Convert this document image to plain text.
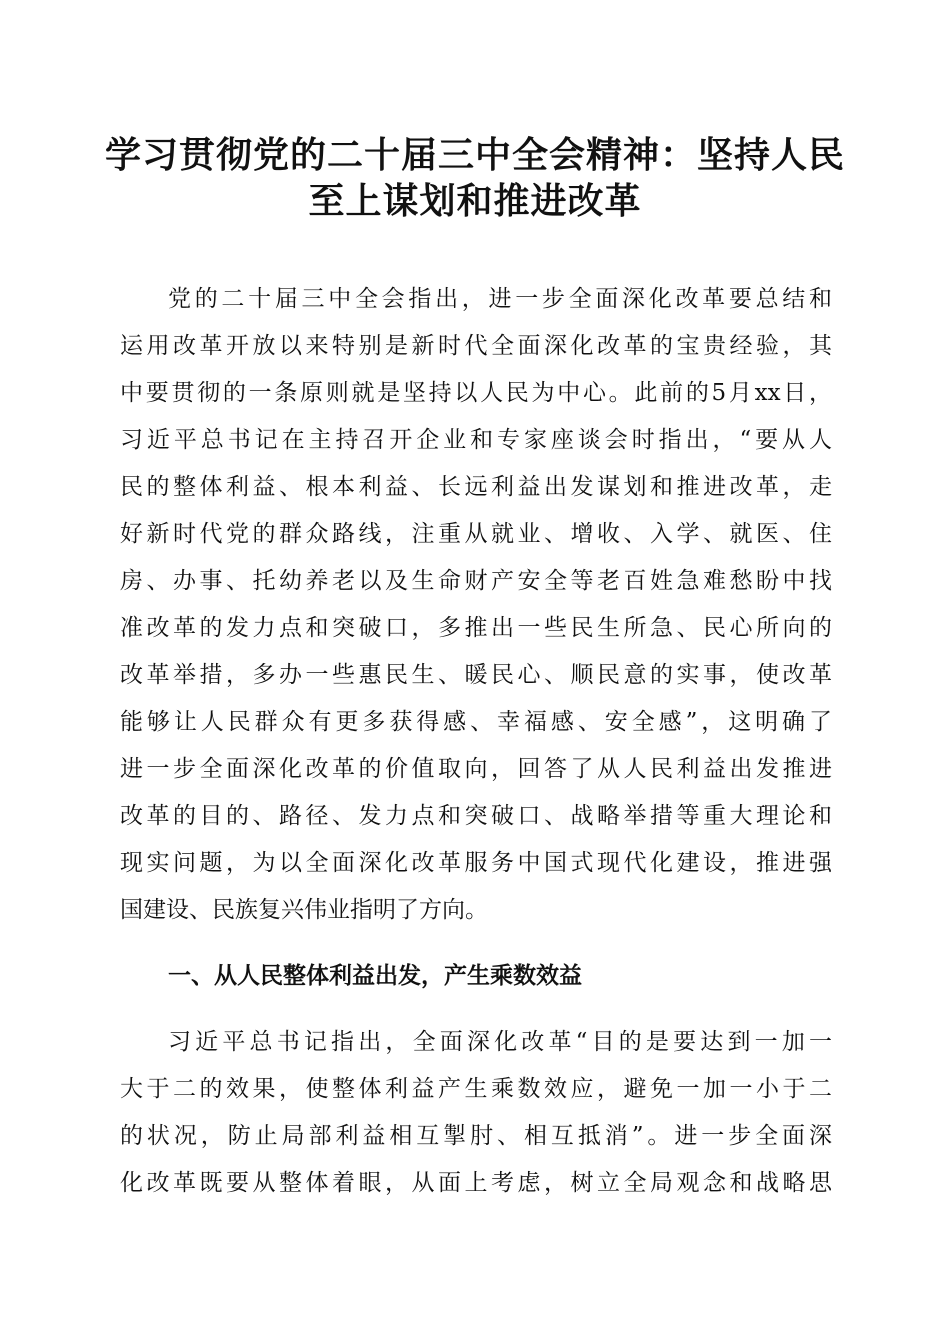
学习贯彻党的二十届三中全会精神：坚持人民
至上谋划和推进改革
党的二十届三中全会指出，进一步全面深化改革要总结和
运用改革开放以来特别是新时代全面深化改革的宝贵经验，其
中要贯彻的一条原则就是坚持以人民为中心。此前的5月xx日，
习近平总书记在主持召开企业和专家座谈会时指出，“要从人
民的整体利益、根本利益、长远利益出发谋划和推进改革，走
好新时代党的群众路线，注重从就业、增收、入学、就医、住
房、办事、托幼养老以及生命财产安全等老百姓急难愁盼中找
准改革的发力点和突破口，多推出一些民生所急、民心所向的
改革举措，多办一些惠民生、暖民心、顺民意的实事，使改革
能够让人民群众有更多获得感、幸福感、安全感”，这明确了
进一步全面深化改革的价值取向，回答了从人民利益出发推进
改革的目的、路径、发力点和突破口、战略举措等重大理论和
现实问题，为以全面深化改革服务中国式现代化建设，推进强
国建设、民族复兴伟业指明了方向。
一、从人民整体利益出发，产生乘数效益
习近平总书记指出，全面深化改革“目的是要达到一加一
大于二的效果，使整体利益产生乘数效应，避免一加一小于二
的状况，防止局部利益相互掣肘、相互抵消”。进一步全面深
化改革既要从整体着眼，从面上考虑，树立全局观念和战略思
